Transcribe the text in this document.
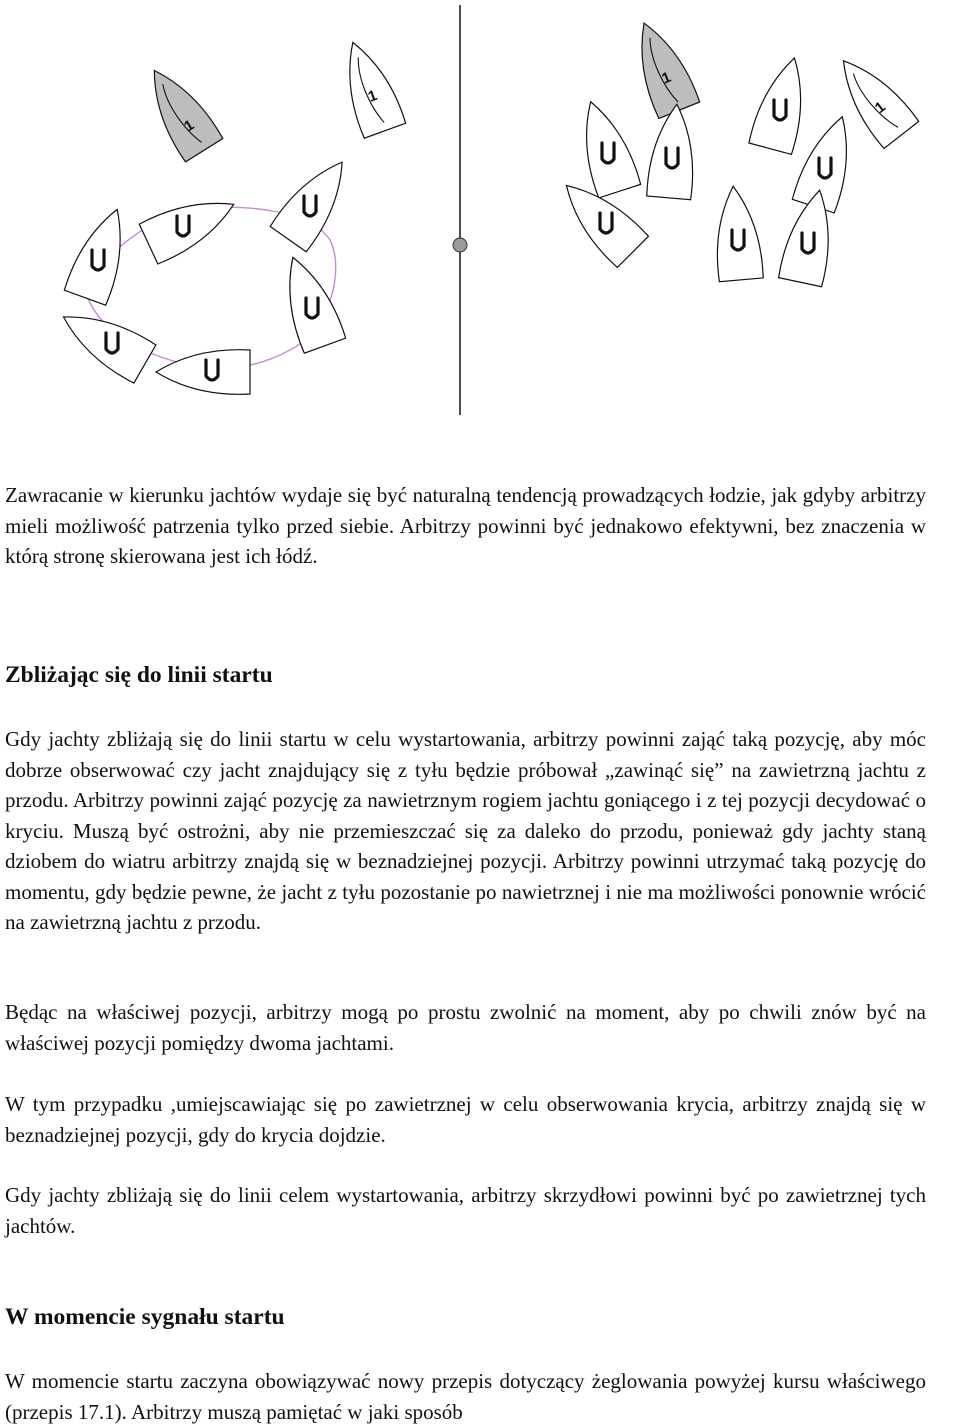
1
1
1
1

Zawracanie w kierunku jachtów wydaje się być naturalną tendencją prowadzących łodzie, jak gdyby arbitrzy mieli możliwość patrzenia tylko przed siebie. Arbitrzy powinni być jednakowo efektywni, bez znaczenia w którą stronę skierowana jest ich łódź.

Zbliżając się do linii startu

Gdy jachty zbliżają się do linii startu w celu wystartowania, arbitrzy powinni zająć taką pozycję, aby móc dobrze obserwować czy jacht znajdujący się z tyłu będzie próbował „zawinąć się” na zawietrzną jachtu z przodu. Arbitrzy powinni zająć pozycję za nawietrznym rogiem jachtu goniącego i z tej pozycji decydować o kryciu. Muszą być ostrożni, aby nie przemieszczać się za daleko do przodu, ponieważ gdy jachty staną dziobem do wiatru arbitrzy znajdą się w beznadziejnej pozycji. Arbitrzy powinni utrzymać taką pozycję do momentu, gdy będzie pewne, że jacht z tyłu pozostanie po nawietrznej i nie ma możliwości ponownie wrócić na zawietrzną jachtu z przodu.

Będąc na właściwej pozycji, arbitrzy mogą po prostu zwolnić na moment, aby po chwili znów być na właściwej pozycji pomiędzy dwoma jachtami.

W tym przypadku ,umiejscawiając się po zawietrznej w celu obserwowania krycia, arbitrzy znajdą się w beznadziejnej pozycji, gdy do krycia dojdzie.

Gdy jachty zbliżają się do linii celem wystartowania, arbitrzy skrzydłowi powinni być po zawietrznej tych jachtów.

W momencie sygnału startu

W momencie startu zaczyna obowiązywać nowy przepis dotyczący żeglowania powyżej kursu właściwego (przepis 17.1). Arbitrzy muszą pamiętać w jaki sposób
